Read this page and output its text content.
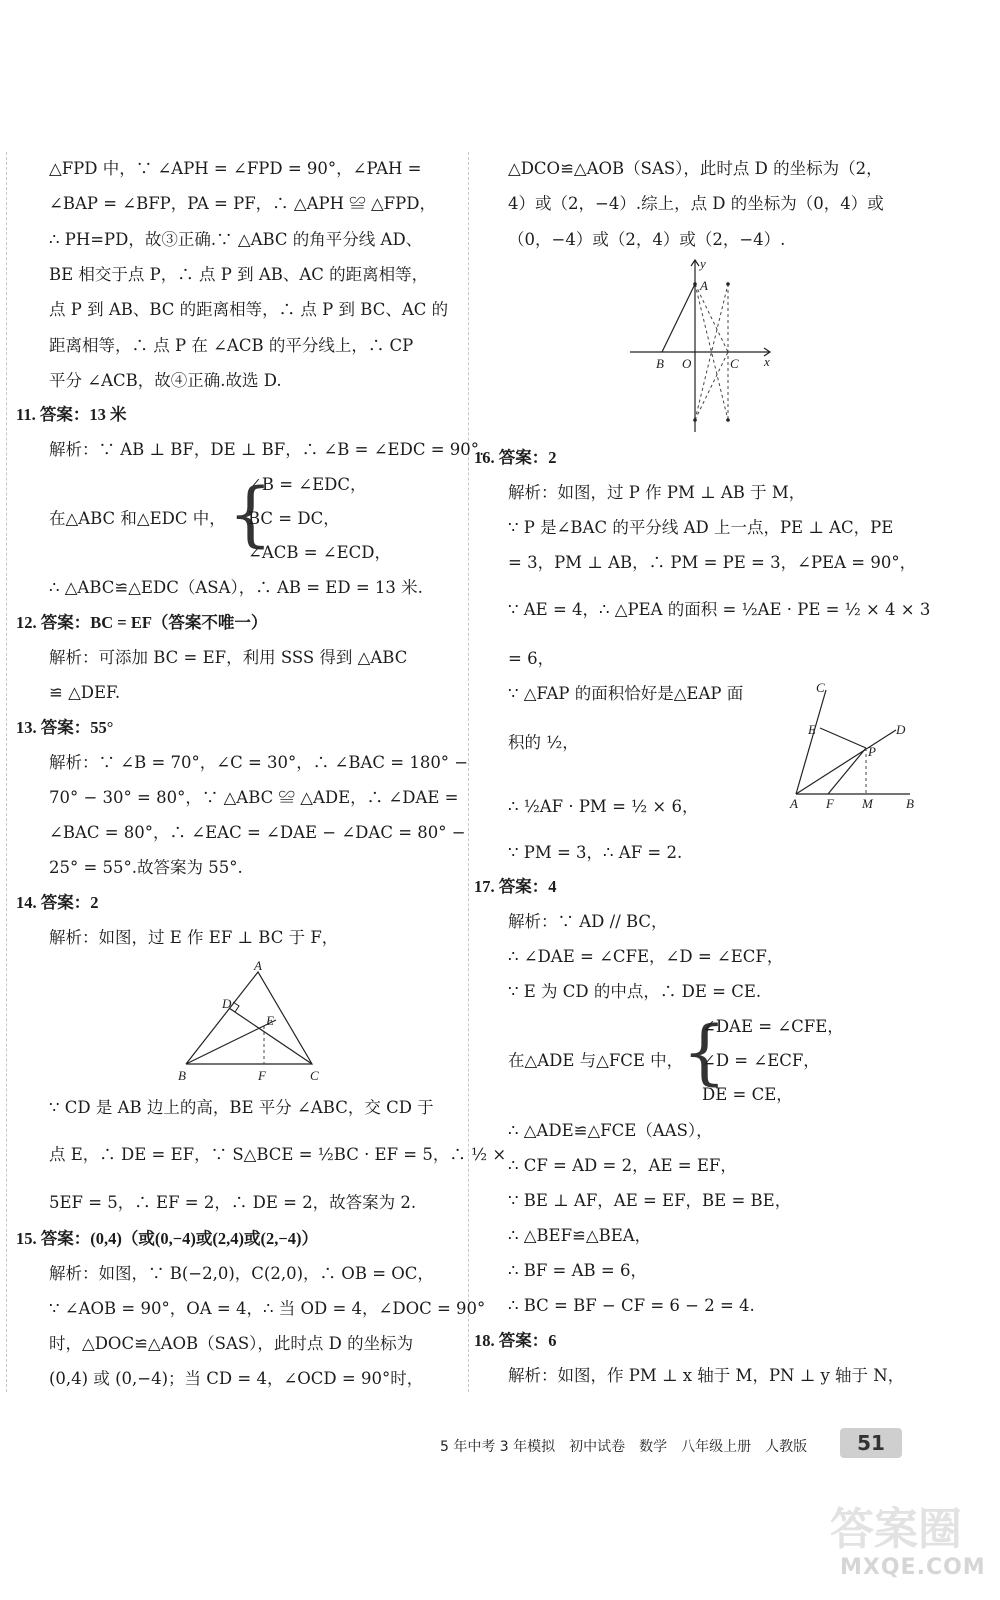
△FPD 中，∵ ∠APH = ∠FPD = 90°，∠PAH =
∠BAP = ∠BFP，PA = PF，∴ △APH ≌ △FPD，
∴ PH=PD，故③正确.∵ △ABC 的角平分线 AD、
BE 相交于点 P，∴ 点 P 到 AB、AC 的距离相等，
点 P 到 AB、BC 的距离相等，∴ 点 P 到 BC、AC 的
距离相等，∴ 点 P 在 ∠ACB 的平分线上，∴ CP
平分 ∠ACB，故④正确.故选 D.
11. 答案：13 米
解析：∵ AB ⊥ BF，DE ⊥ BF，∴ ∠B = ∠EDC = 90°.
∠B = ∠EDC，
在△ABC 和△EDC 中， {
BC = DC，
∠ACB = ∠ECD，
∴ △ABC≌△EDC（ASA），∴ AB = ED = 13 米.
12. 答案：BC = EF（答案不唯一）
解析：可添加 BC = EF，利用 SSS 得到 △ABC
≌ △DEF.
13. 答案：55°
解析：∵ ∠B = 70°，∠C = 30°，∴ ∠BAC = 180° −
70° − 30° = 80°，∵ △ABC ≌ △ADE，∴ ∠DAE =
∠BAC = 80°，∴ ∠EAC = ∠DAE − ∠DAC = 80° −
25° = 55°.故答案为 55°.
14. 答案：2
解析：如图，过 E 作 EF ⊥ BC 于 F，
A
D
E
B	F	C
∵ CD 是 AB 边上的高，BE 平分 ∠ABC，交 CD 于
点 E，∴ DE = EF，∵ S△BCE = ½BC · EF = 5，∴ ½ ×
5EF = 5，∴ EF = 2，∴ DE = 2，故答案为 2.
15. 答案：(0,4)（或(0,−4)或(2,4)或(2,−4)）
解析：如图，∵ B(−2,0)，C(2,0)，∴ OB = OC，
∵ ∠AOB = 90°，OA = 4，∴ 当 OD = 4，∠DOC = 90°
时，△DOC≌△AOB（SAS），此时点 D 的坐标为
(0,4) 或 (0,−4)；当 CD = 4，∠OCD = 90°时，
△DCO≌△AOB（SAS），此时点 D 的坐标为（2，
4）或（2，−4）.综上，点 D 的坐标为（0，4）或
（0，−4）或（2，4）或（2，−4）.
y
A
B O	C x
16. 答案：2
解析：如图，过 P 作 PM ⊥ AB 于 M，
∵ P 是∠BAC 的平分线 AD 上一点，PE ⊥ AC，PE
= 3，PM ⊥ AB，∴ PM = PE = 3，∠PEA = 90°，
∵ AE = 4，∴ △PEA 的面积 = ½AE · PE = ½ × 4 × 3
= 6，
∵ △FAP 的面积恰好是△EAP 面
积的 ½，
C
D
E
P
A F M	B
∴ ½AF · PM = ½ × 6，
∵ PM = 3，∴ AF = 2.
17. 答案：4
解析：∵ AD // BC，
∴ ∠DAE = ∠CFE，∠D = ∠ECF，
∵ E 为 CD 的中点，∴ DE = CE.
{
∠DAE = ∠CFE，
在△ADE 与△FCE 中， ∠D = ∠ECF，
DE = CE，
∴ △ADE≌△FCE（AAS），
∴ CF = AD = 2，AE = EF，
∵ BE ⊥ AF，AE = EF，BE = BE，
∴ △BEF≌△BEA，
∴ BF = AB = 6，
∴ BC = BF − CF = 6 − 2 = 4.
18. 答案：6
解析：如图，作 PM ⊥ x 轴于 M，PN ⊥ y 轴于 N，
5 年中考 3 年模拟　初中试卷　数学　八年级上册　人教版	51
答案圈
MXQE.COM
